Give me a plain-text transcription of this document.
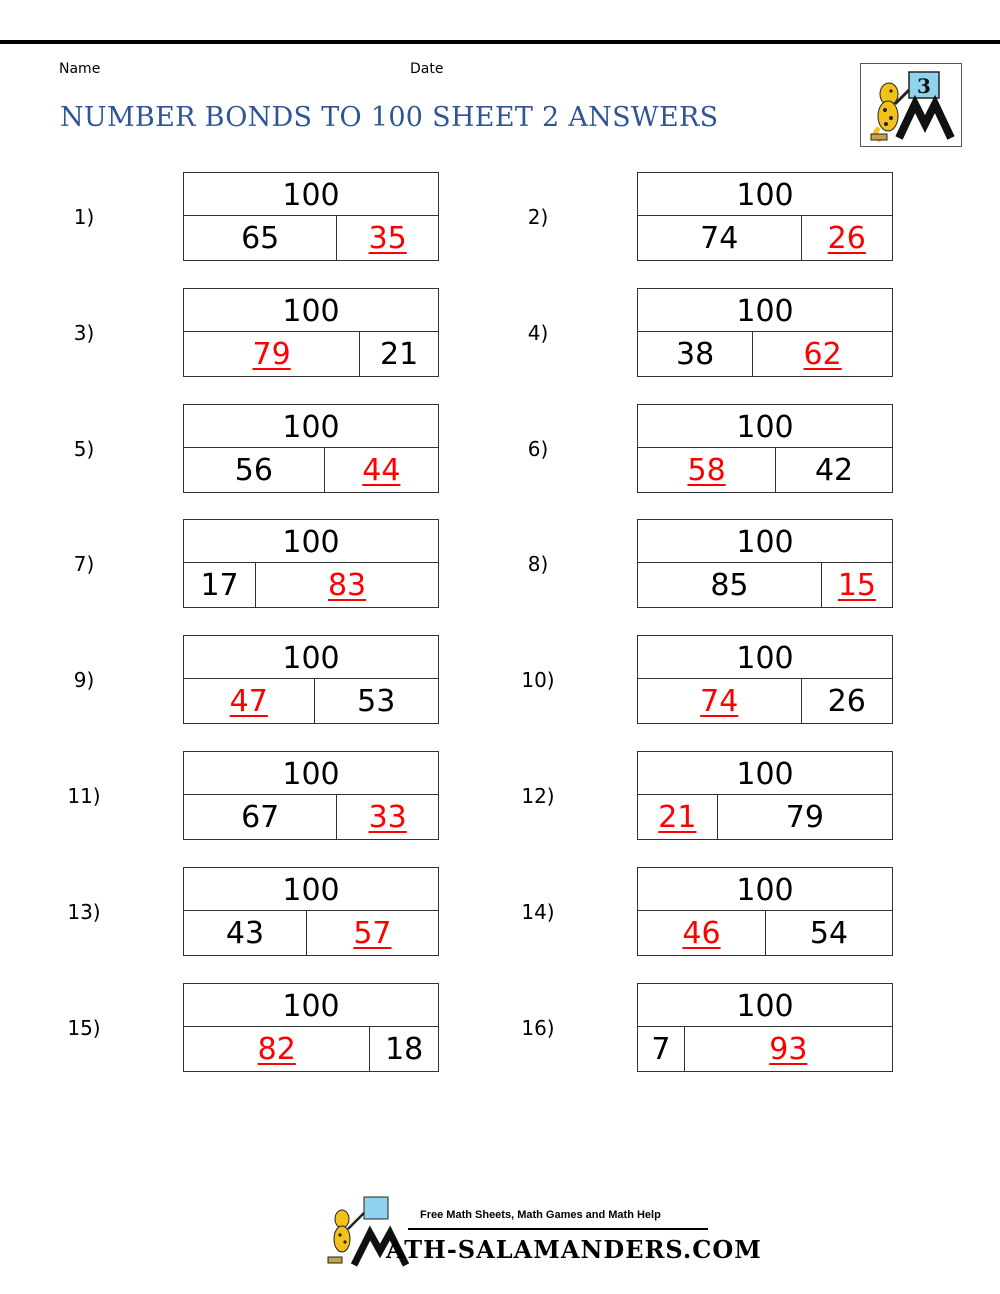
Name	Date
NUMBER BONDS TO 100 SHEET 2 ANSWERS
3
1)
100
65	35
2)
100
74	26
3)
100
79	21
4)
100
38	62
5)
100
56	44
6)
100
58	42
7)
100
17	83
8)
100
85	15
9)
100
47	53
10)
100
74	26
11)
100
67	33
12)
100
21	79
13)
100
43	57
14)
100
46	54
15)
100
82	18
16)
100
7	93
Free Math Sheets, Math Games and Math Help
ATH-SALAMANDERS.COM
